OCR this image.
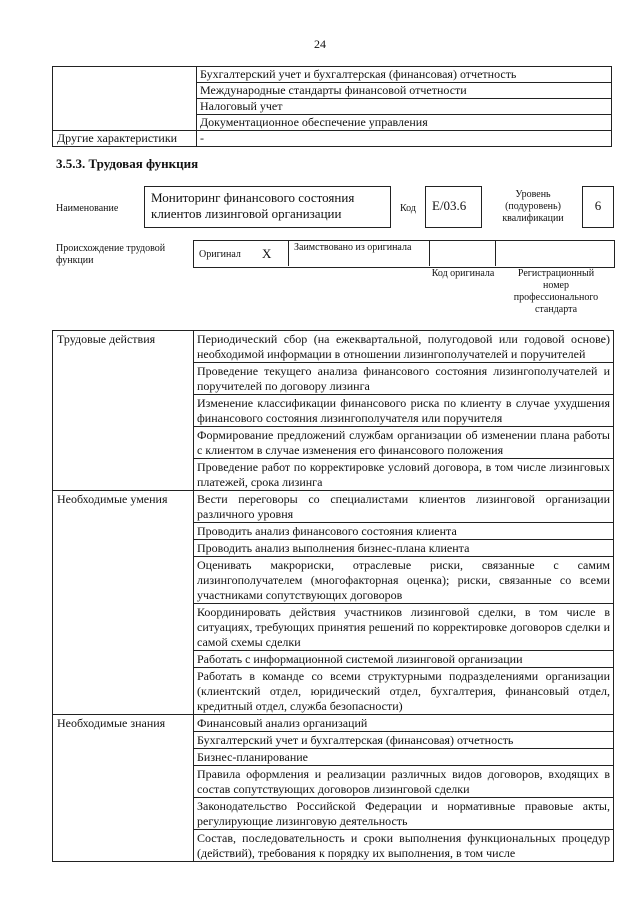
24
	Бухгалтерский учет и бухгалтерская (финансовая) отчетность
	Международные стандарты финансовой отчетности
	Налоговый учет
	Документационное обеспечение управления
Другие характеристики	-
3.5.3. Трудовая функция
Наименование
Мониторинг финансового состояния клиентов лизинговой организации	Код	E/03.6
Уровень (подуровень) квалификации
6
Происхождение трудовой функции
Оригинал X Заимствовано из оригинала
Код оригинала	Регистрационный номер профессионального стандарта
Трудовые действия	Периодический сбор (на ежеквартальной, полугодовой или годовой основе) необходимой информации в отношении лизингополучателей и поручителей
	Проведение текущего анализа финансового состояния лизингополучателей и поручителей по договору лизинга
	Изменение классификации финансового риска по клиенту в случае ухудшения финансового состояния лизингополучателя или поручителя
	Формирование предложений службам организации об изменении плана работы с клиентом в случае изменения его финансового положения
	Проведение работ по корректировке условий договора, в том числе лизинговых платежей, срока лизинга
Необходимые умения	Вести переговоры со специалистами клиентов лизинговой организации различного уровня
	Проводить анализ финансового состояния клиента
	Проводить анализ выполнения бизнес-плана клиента
	Оценивать макрориски, отраслевые риски, связанные с самим лизингополучателем (многофакторная оценка); риски, связанные со всеми участниками сопутствующих договоров
	Координировать действия участников лизинговой сделки, в том числе в ситуациях, требующих принятия решений по корректировке договоров сделки и самой схемы сделки
	Работать с информационной системой лизинговой организации
	Работать в команде со всеми структурными подразделениями организации (клиентский отдел, юридический отдел, бухгалтерия, финансовый отдел, кредитный отдел, служба безопасности)
Необходимые знания	Финансовый анализ организаций
	Бухгалтерский учет и бухгалтерская (финансовая) отчетность
	Бизнес-планирование
	Правила оформления и реализации различных видов договоров, входящих в состав сопутствующих договоров лизинговой сделки
	Законодательство Российской Федерации и нормативные правовые акты, регулирующие лизинговую деятельность
	Состав, последовательность и сроки выполнения функциональных процедур (действий), требования к порядку их выполнения, в том числе
